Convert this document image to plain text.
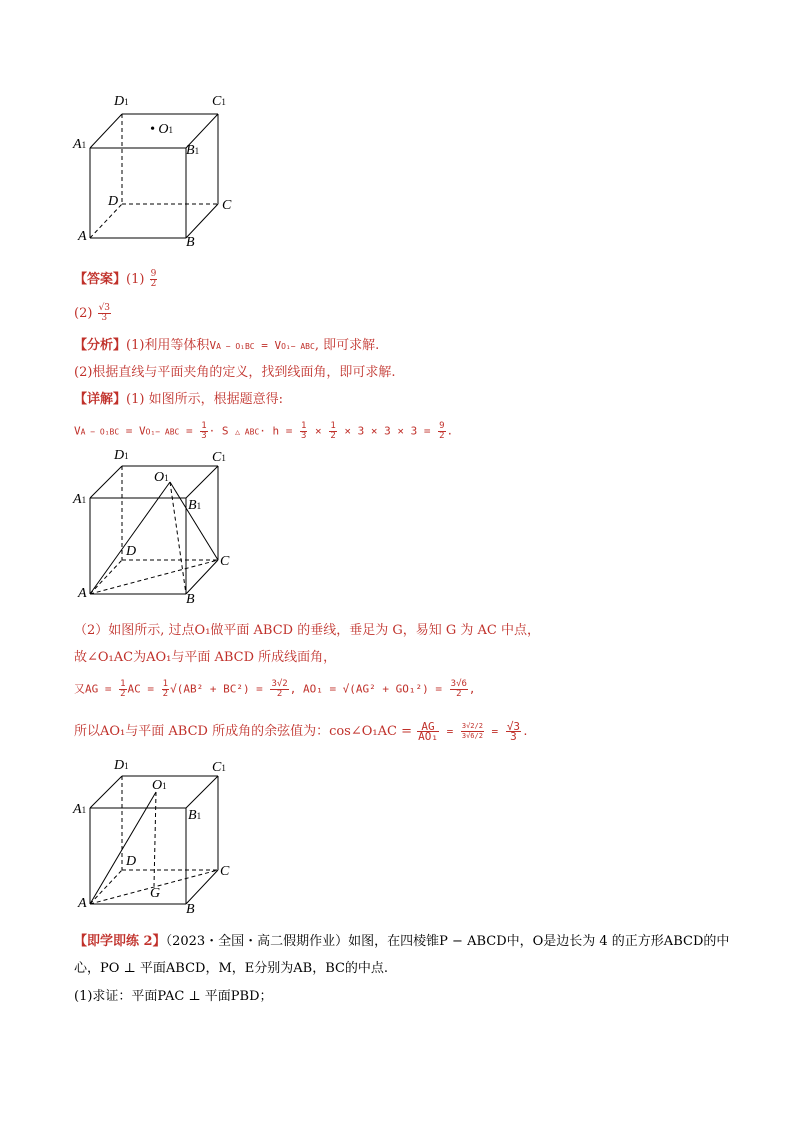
D1	C1
• O1
A1	B1
D	C
A	B
【答案】$(1) \frac{9}{2}$
$(2) \frac{√3}{3}$
【分析】(1)利用等体积VA − O₁BC = VO₁− ABC, 即可求解.
(2)根据直线与平面夹角的定义，找到线面角，即可求解.
【详解】(1) 如图所示，根据题意得:
VA − O₁BC = VO₁− ABC = $\frac{1}{3} \cdot S$ △ $ABC\cdot h = \frac{1}{3} \times \frac{1}{2} \times 3 \times 3 \times 3 = \frac{9}{2}$ .
D1	C1
O1
A1	B1
D
C
A	B
（2）如图所示, 过点O₁做平面 ABCD 的垂线，垂足为 G，易知 G 为 AC 中点，
故∠O₁AC为AO₁与平面 ABCD 所成线面角，
又AG = $\frac{1}{2}$ AC = $\frac{1}{2} √(AB^2 + BC^2) = \frac{3√2}{2}$ , $AO_1 = √(AG^2 + GO_1^2) = \frac{3√6}{2}$ ,
所以AO₁与平面 ABCD 所成角的余弦值为：cos∠O₁AC = $\frac{AG}{\text{AO₁}} = \frac{3√2/2}{3√6/2} = \frac{√3}{3}$ .
D1	C1
O1
A1	B1
D
C
G
A	B
【即学即练 2】（2023・全国・高二假期作业）如图，在四棱锥P − ABCD中，O是边长为 4 的正方形ABCD的中
心，PO ⊥ 平面ABCD，M，E分别为AB，BC的中点.
(1)求证：平面PAC ⊥ 平面PBD；
